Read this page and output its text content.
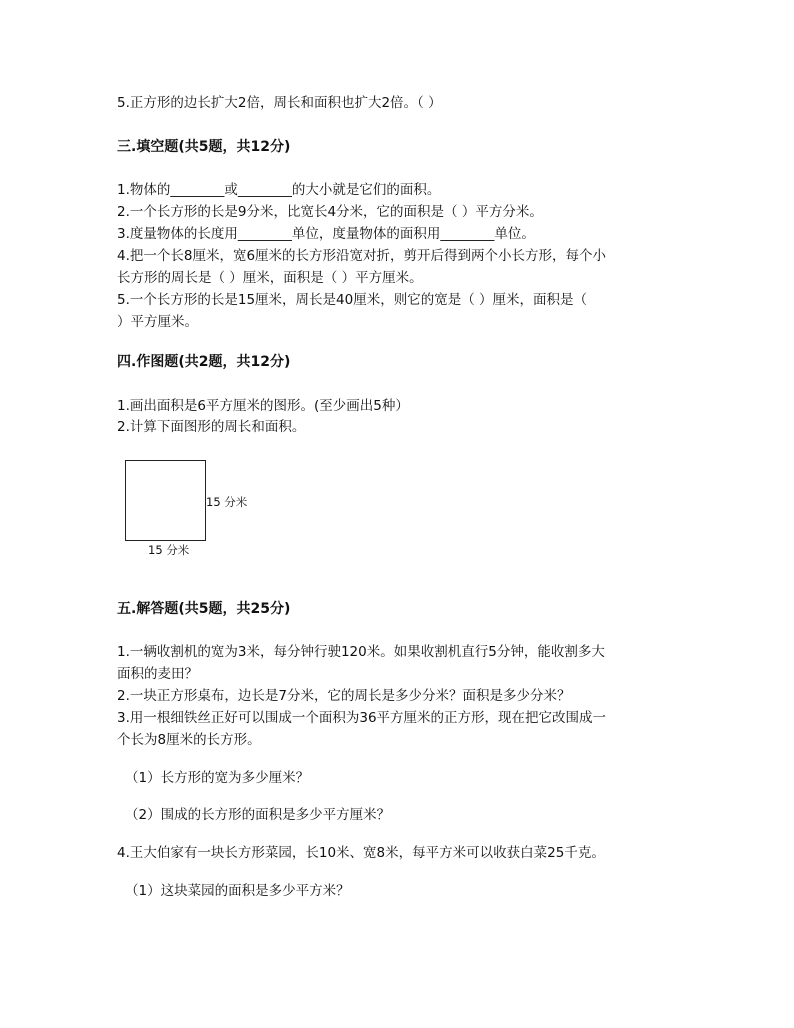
5.正方形的边长扩大2倍，周长和面积也扩大2倍。（ ）
三.填空题(共5题，共12分)
1.物体的________或________的大小就是它们的面积。
2.一个长方形的长是9分米，比宽长4分米，它的面积是（ ）平方分米。
3.度量物体的长度用________单位，度量物体的面积用________单位。
4.把一个长8厘米，宽6厘米的长方形沿宽对折，剪开后得到两个小长方形，每个小
长方形的周长是（ ）厘米，面积是（ ）平方厘米。
5.一个长方形的长是15厘米，周长是40厘米，则它的宽是（ ）厘米，面积是（
）平方厘米。
四.作图题(共2题，共12分)
1.画出面积是6平方厘米的图形。(至少画出5种）
2.计算下面图形的周长和面积。
15 分米
15 分米
五.解答题(共5题，共25分)
1.一辆收割机的宽为3米，每分钟行驶120米。如果收割机直行5分钟，能收割多大
面积的麦田？
2.一块正方形桌布，边长是7分米，它的周长是多少分米？面积是多少分米？
3.用一根细铁丝正好可以围成一个面积为36平方厘米的正方形，现在把它改围成一
个长为8厘米的长方形。
（1）长方形的宽为多少厘米？
（2）围成的长方形的面积是多少平方厘米？
4.王大伯家有一块长方形菜园，长10米、宽8米，每平方米可以收获白菜25千克。
（1）这块菜园的面积是多少平方米？
